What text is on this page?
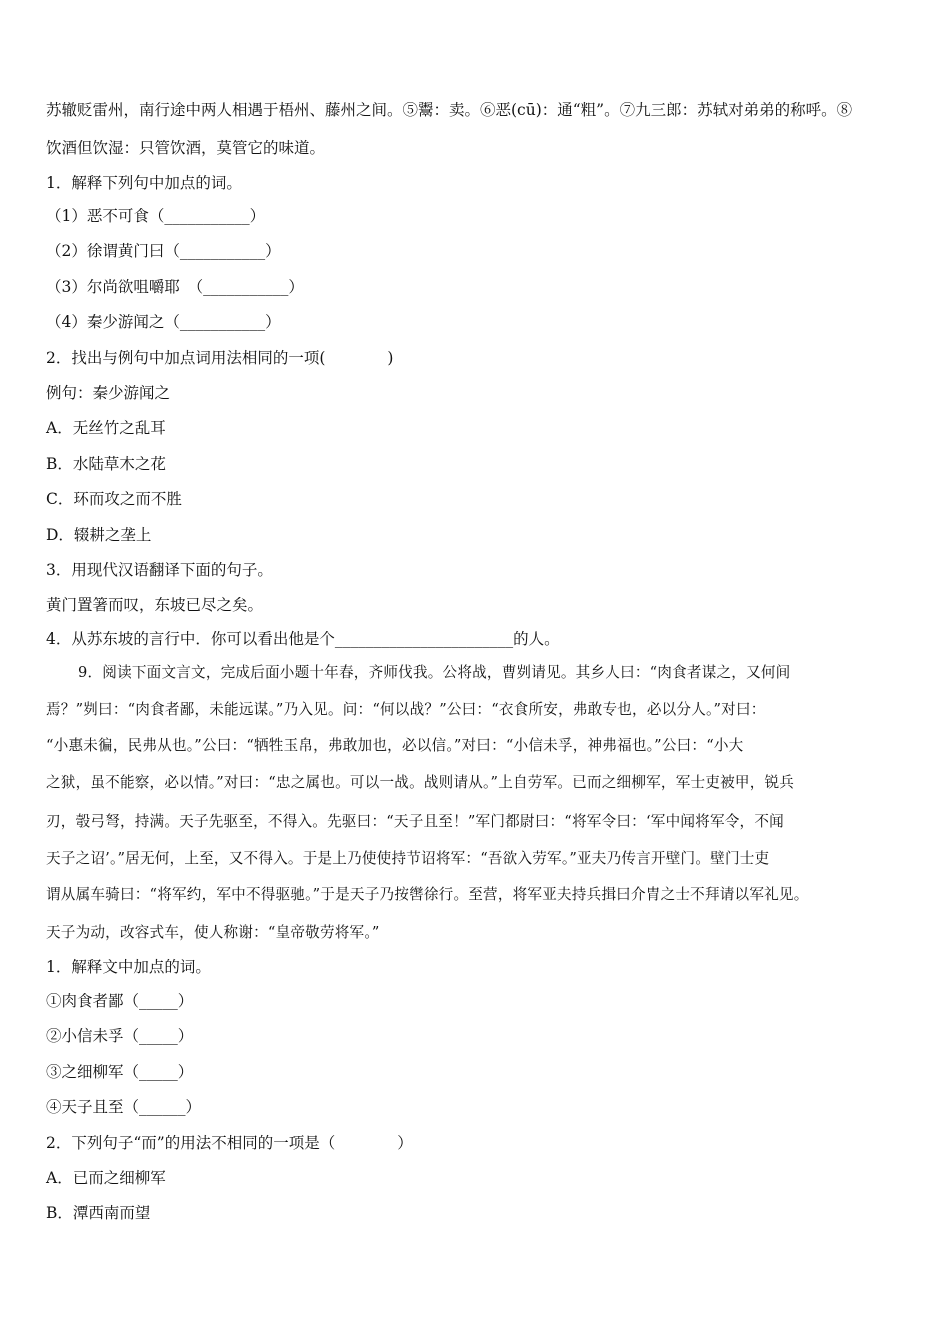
苏辙贬雷州，南行途中两人相遇于梧州、藤州之间。⑤鬻：卖。⑥恶(cū)：通“粗”。⑦九三郎：苏轼对弟弟的称呼。⑧
饮酒但饮湿：只管饮酒，莫管它的味道。
1．解释下列句中加点的词。
（1）恶不可食（___________）
（2）徐谓黄门曰（___________）
（3）尔尚欲咀嚼耶　（___________）
（4）秦少游闻之（___________）
2．找出与例句中加点词用法相同的一项(　　　　)
例句：秦少游闻之
A．无丝竹之乱耳
B．水陆草木之花
C．环而攻之而不胜
D．辍耕之垄上
3．用现代汉语翻译下面的句子。
黄门置箸而叹，东坡已尽之矣。
4．从苏东坡的言行中．你可以看出他是个_______________________的人。
9．阅读下面文言文，完成后面小题十年春，齐师伐我。公将战，曹刿请见。其乡人曰：“肉食者谋之，又何间
焉？”刿曰：“肉食者鄙，未能远谋。”乃入见。问：“何以战？”公曰：“衣食所安，弗敢专也，必以分人。”对曰：
“小惠未徧，民弗从也。”公曰：“牺牲玉帛，弗敢加也，必以信。”对曰：“小信未孚，神弗福也。”公曰：“小大
之狱，虽不能察，必以情。”对曰：“忠之属也。可以一战。战则请从。”上自劳军。已而之细柳军，军士吏被甲，锐兵
刃，彀弓弩，持满。天子先驱至，不得入。先驱曰：“天子且至！”军门都尉曰：“将军令曰：‘军中闻将军令，不闻
天子之诏’。”居无何，上至，又不得入。于是上乃使使持节诏将军：“吾欲入劳军。”亚夫乃传言开壁门。壁门士吏
谓从属车骑曰：“将军约，军中不得驱驰。”于是天子乃按辔徐行。至营，将军亚夫持兵揖曰介胄之士不拜请以军礼见。
天子为动，改容式车，使人称谢：“皇帝敬劳将军。”
1．解释文中加点的词。
①肉食者鄙（_____）
②小信未孚（_____）
③之细柳军（_____）
④天子且至（______）
2．下列句子“而”的用法不相同的一项是（　　　　）
A．已而之细柳军
B．潭西南而望
